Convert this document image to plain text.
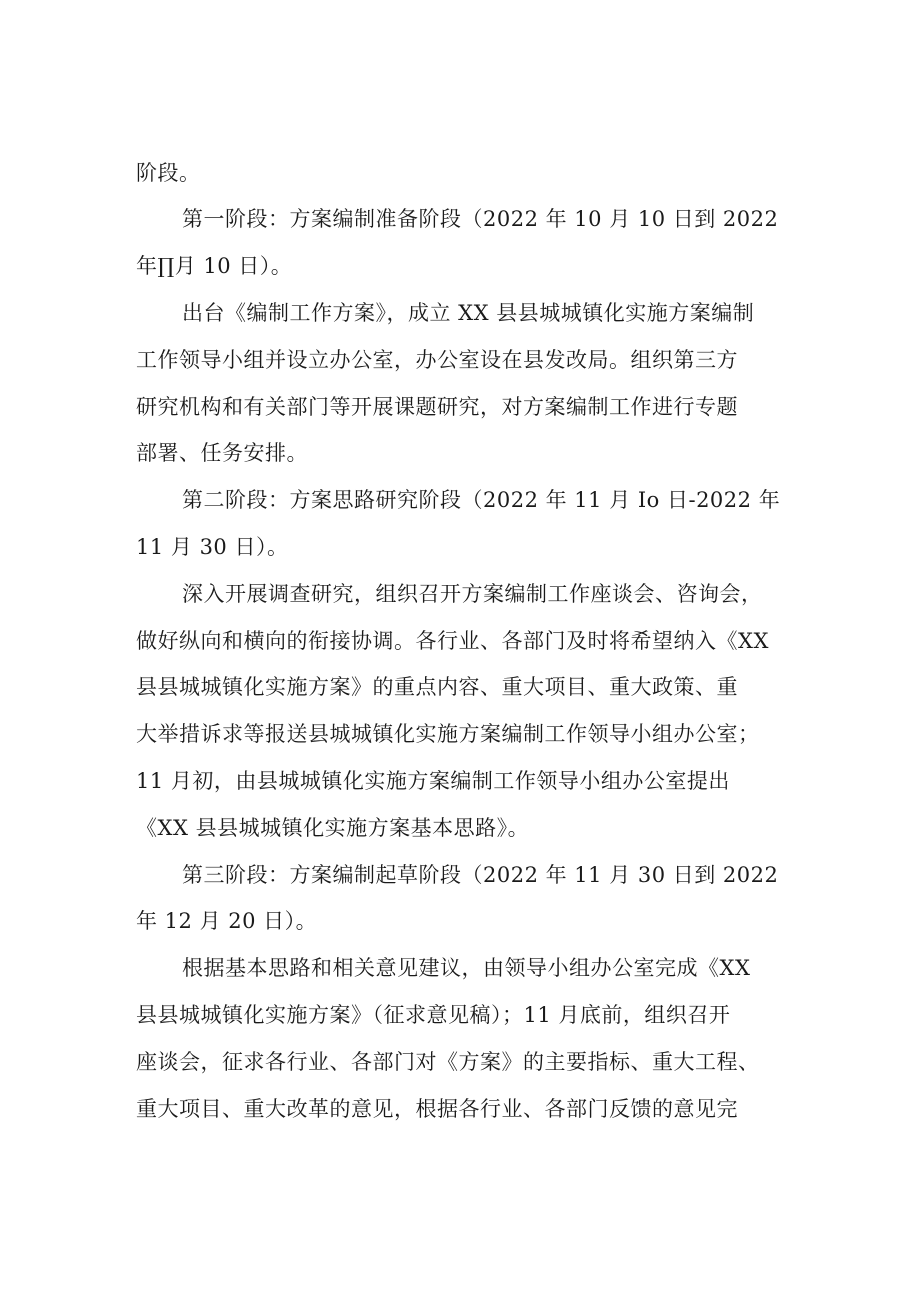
阶段。
第一阶段：方案编制准备阶段（2022 年 10 月 10 日到 2022
年∏月 10 日）。
出台《编制工作方案》，成立 XX 县县城城镇化实施方案编制
工作领导小组并设立办公室，办公室设在县发改局。组织第三方
研究机构和有关部门等开展课题研究，对方案编制工作进行专题
部署、任务安排。
第二阶段：方案思路研究阶段（2022 年 11 月 Io 日-2022 年
11 月 30 日）。
深入开展调查研究，组织召开方案编制工作座谈会、咨询会，
做好纵向和横向的衔接协调。各行业、各部门及时将希望纳入《XX
县县城城镇化实施方案》的重点内容、重大项目、重大政策、重
大举措诉求等报送县城城镇化实施方案编制工作领导小组办公室；
11 月初，由县城城镇化实施方案编制工作领导小组办公室提出
《XX 县县城城镇化实施方案基本思路》。
第三阶段：方案编制起草阶段（2022 年 11 月 30 日到 2022
年 12 月 20 日）。
根据基本思路和相关意见建议，由领导小组办公室完成《XX
县县城城镇化实施方案》（征求意见稿）；11 月底前，组织召开
座谈会，征求各行业、各部门对《方案》的主要指标、重大工程、
重大项目、重大改革的意见，根据各行业、各部门反馈的意见完
